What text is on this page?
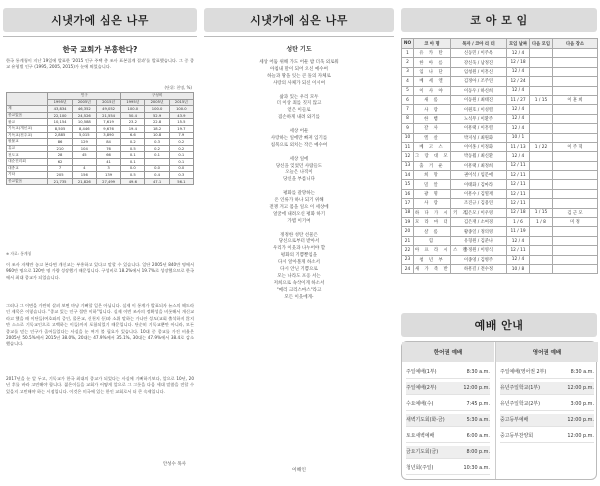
시냇가에 심은 나무
한국 교회가 부흥한다?
한국 통계청이 지난 19일에 발표한 '2015 인구 주택 총 조사 표본집계 결과'를 발표했습니다. 그 중 종교 유형별 인구 (1995, 2005, 2015)가 눈에 띄었습니다.
(단위: 천명, %)
	인구			구성비		
	1995년	2005년	2015년	1995년	2005년	2015년
계	43,834	46,352	49,052	100.0	100.0	100.0
종교있음	22,100	24,526	21,554	50.4	52.9	43.9
불교	10,154	10,588	7,619	23.2	22.8	15.5
기독교(개신교)	8,505	8,446	9,676	19.4	18.2	19.7
기독교(천주교)	2,885	5,015	3,890	6.6	10.8	7.9
원불교	86	129	84	0.2	0.3	0.2
유교	210	104	76	0.5	0.2	0.2
천도교	28	45	66	0.1	0.1	0.1
대순진리회	62		41	0.1		0.1
대종교	7	4	3	0.0	0.0	0.0
기타	205	156	139	0.5	0.4	0.3
종교없음	21,735	21,826	27,499	49.6	47.1	56.1
※ 자료: 통계청
이 조사 자체만 놓고 본다면 개신교는 부흥하고 있다고 말할 수 있습니다. 일단 2005년 840만 명에서 960만 명으로 120만 명 가량 성장했기 때문입니다. 구성비로 18.2%에서 19.7%로 성장했으므로 한국에서 최대 종교가 되었습니다.
그러나 그 이면을 가만히 살펴 보면 마냥 기뻐할 일은 아닙니다. 실제 이 통계가 발표되자 뉴스의 헤드라인 제목은 이렇습니다. "종교 있는 인구 절반 이하"입니다. 실제 이번 조사의 정확성을 비롯해서 개신교라고 했을 때 이단들(여호와의 증인, 몰몬교, 신천지 등)과 소위 말하는 가나안 성도(교회 출석하지 않지만 스스로 기독교인으로 고백하는 이들)까지 포함되었기 때문입니다. 단순히 기독교뿐만 아니라, 모든 종교를 믿는 인구가 줄어들었다는 사실을 눈 여겨 볼 필요가 있습니다. 10대 중 종교를 가진 비율은 2005년 50.5%에서 2015년 38.0%, 20대는 47.9%에서 35.1%, 30대는 47.9%에서 38.4로 감소했습니다.
2017년을 눈 앞 두고, 기독교가 한국 최대의 종교가 되었다는 사실에 기뻐하기보다, 앞으로 10년, 20년 후를 바라 고민해야 합니다. 젊은이들을 교회가 어떻게 앞으로 그 그릇을 다음 세대 말씀을 전할 수 있을지 고민해야 하는 시점입니다. 이것은 미국에 있는 한인 교회로서 더 큰 숙제입니다.
안성수 목사
시냇가에 심은 나무
성탄 기도
세상 어둠 위해 가도 어둔 밤 더욱 외로워
아침내 말이 되어 오신 예수여
하늘과 땅을 잇는 큰 돌의 자체로
사랑의 사체가 되신 이시여
삶과 있는 우리 모두
더 이상 죄를 짓지 않고
얻은 이들로
겸손하게 내려 와기를
세상 어둔
사랑하는 일에만 빠져 입기를
침묵으로 외치는 작은 예수여
세상 일에
당신을 잊었던 사람들도
오늘은 나직이
당신을 부릅니다
평화를 갈망하는
온 인류가 하나 되기 위해
전쟁 겨고 몸을 일으 이 세상에
얼굴에 내려오신 평화 하기
가볍 이기여
정정한 성탄 선물은
당신으로부터 받아서
우리가 이웃과 나누어야 할
평화의 기쁨뿐임을
다시 알아볼게 하소서
다시 안닌 기쁨으로
모는 나라도 포옹 서는
저희으로 속삭이게 하소서
"메리 크리스마스"라고
모든 이웃에게-
이해인
코 아 모 임
NO	코 아 명	목자 / 코아 리 더	모임 날짜	다음 모임	다음 장소
1	유 카 탄	신동민 / 이주옥	12 / 4		
2	한 아 름	강신욱 / 남정진	12 / 18		
3	임 나 단	임청원 / 이흥신	12 / 4		
4	베 세 엘	김정아 / 조주연	12 / 24		
5	이 사 야	이동우 / 하신희	12 / 4		
6	새 롬	이동원 / 최태진	11 / 27	1 / 15	이 훈 희
7	사 랑	이원호 / 이성렬	12 / 4		
8	한 뼘	노석무 / 이환주	12 / 4		
9	갈 사	이흥택 / 이흥렬	12 / 4		
10	엘 살	박지성 / 최원화	10 / 1		
11	베 고 스	이이홍 / 이정화	11 / 13	1 / 22	이 주 혁
12	그 랑 대 모	박동월 / 최신환	12 / 4		
13	출 거 운	이흥택 / 최정희	12 / 11		
14	희 망	권이석 / 임문애	12 / 11		
15	밀 알	이태화 / 김마라	12 / 11		
16	광 명	이흥수 / 김열재	12 / 11		
17	사 랑	조진규 / 김용연	12 / 11		
18	하 다 가 시 키 즈	김은모 / 이우영	12 / 18	1 / 15	김 근 모
19	모 라 마 더	김은재 / 소여경	1 / 6	1 / 8	미 정
20	샬 롬	황종일 / 정의영	11 / 19		
21	힘	유형원 / 김준나	12 / 4		
22	아 프 라 시 스 칸	유정원 / 이영식	12 / 11		
23	청 년 부	이종영 / 김병주	12 / 4		
24	새 가 족 반	하흥길 / 전수정	10 / 8		
예배 안내
한어권 예배
주일예배(1부)	8:30 a.m.
주일예배(2부)	12:00 p.m.
수요예배(수)	7:45 p.m.
새벽기도회(화-금)	5:30 a.m.
토요새벽예배	6:00 a.m.
금요기도회(금)	8:00 p.m.
청년회(주일)	10:30 a.m.
영어권 예배
주일예배(영어권 2부)	8:30 a.m.
유년주일학교(1부)	12:00 p.m.
유년주일학교(2부)	3:00 p.m.
중고등부예배	12:00 p.m.
중고등부찬양회	12:00 p.m.
